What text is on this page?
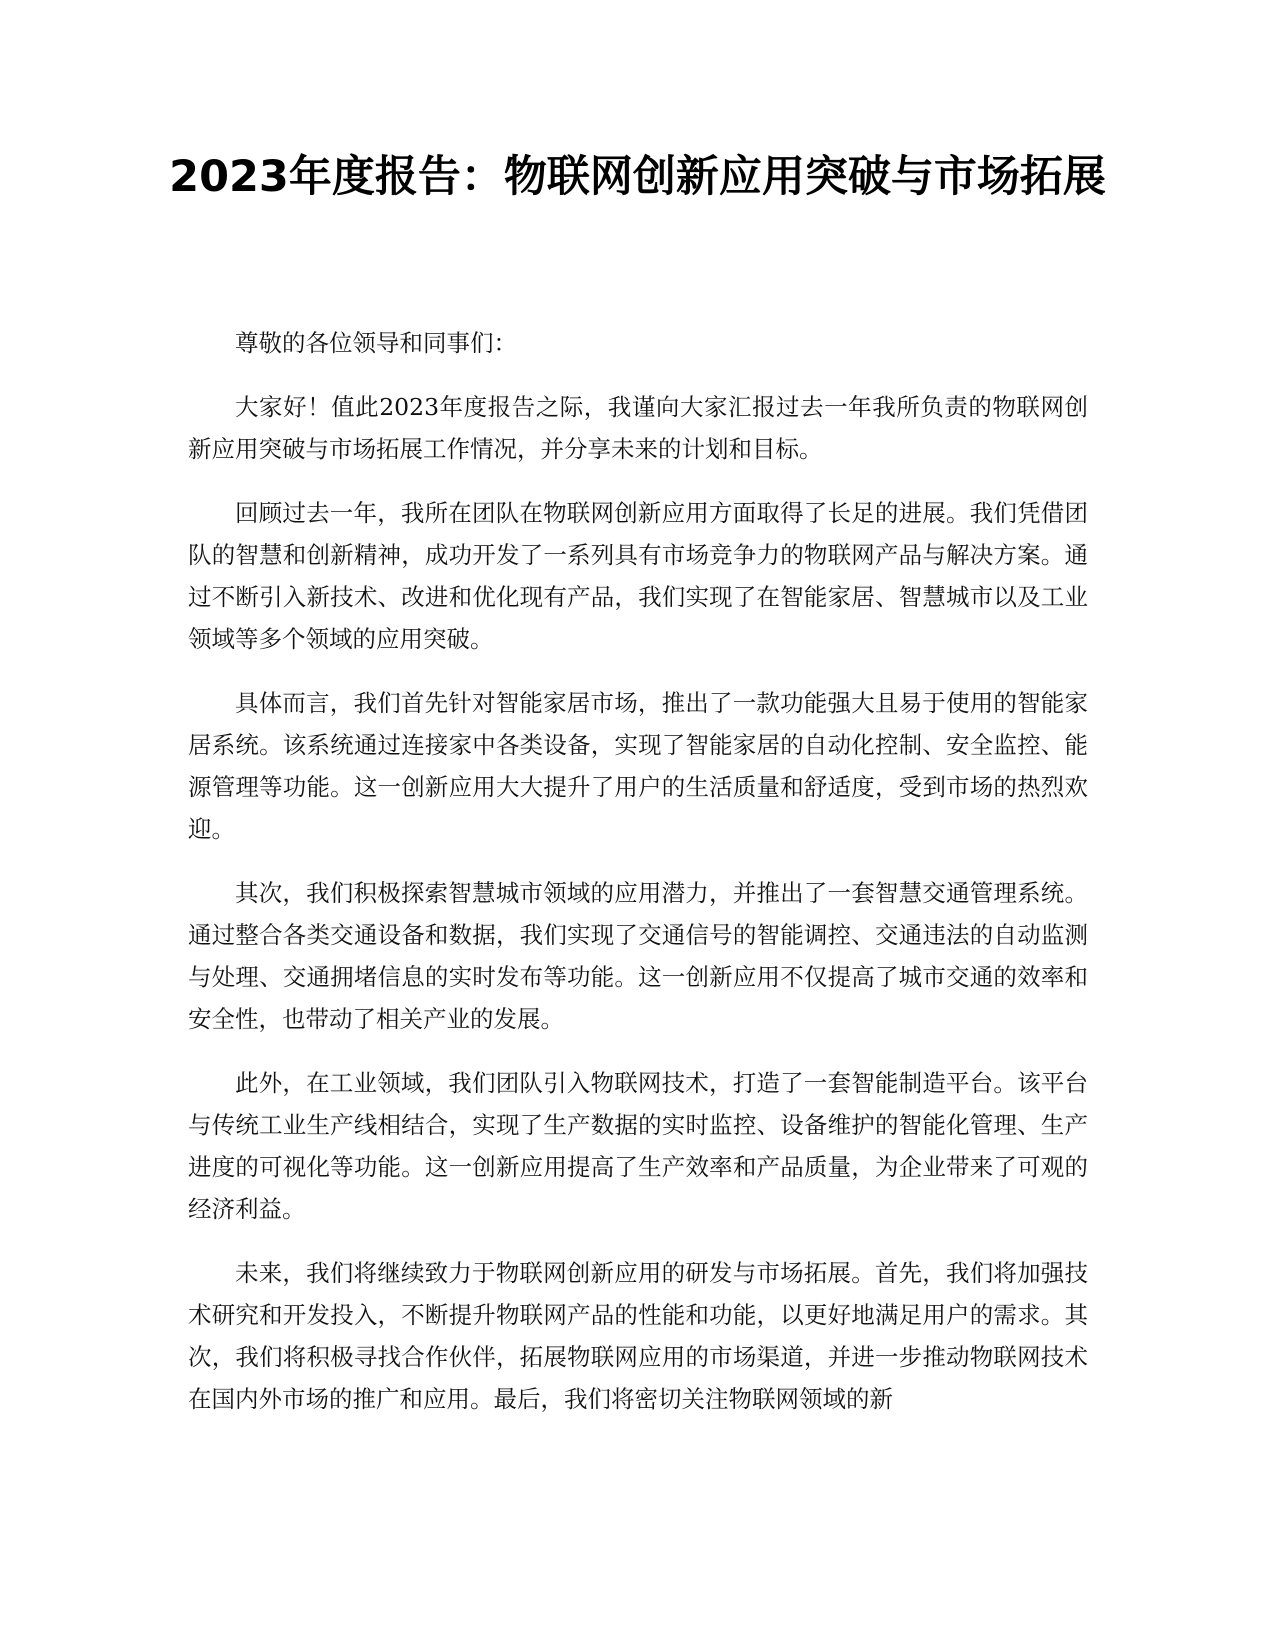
2023年度报告：物联网创新应用突破与市场拓展

尊敬的各位领导和同事们：

大家好！值此2023年度报告之际，我谨向大家汇报过去一年我所负责的物联网创新应用突破与市场拓展工作情况，并分享未来的计划和目标。

回顾过去一年，我所在团队在物联网创新应用方面取得了长足的进展。我们凭借团队的智慧和创新精神，成功开发了一系列具有市场竞争力的物联网产品与解决方案。通过不断引入新技术、改进和优化现有产品，我们实现了在智能家居、智慧城市以及工业领域等多个领域的应用突破。

具体而言，我们首先针对智能家居市场，推出了一款功能强大且易于使用的智能家居系统。该系统通过连接家中各类设备，实现了智能家居的自动化控制、安全监控、能源管理等功能。这一创新应用大大提升了用户的生活质量和舒适度，受到市场的热烈欢迎。

其次，我们积极探索智慧城市领域的应用潜力，并推出了一套智慧交通管理系统。通过整合各类交通设备和数据，我们实现了交通信号的智能调控、交通违法的自动监测与处理、交通拥堵信息的实时发布等功能。这一创新应用不仅提高了城市交通的效率和安全性，也带动了相关产业的发展。

此外，在工业领域，我们团队引入物联网技术，打造了一套智能制造平台。该平台与传统工业生产线相结合，实现了生产数据的实时监控、设备维护的智能化管理、生产进度的可视化等功能。这一创新应用提高了生产效率和产品质量，为企业带来了可观的经济利益。

未来，我们将继续致力于物联网创新应用的研发与市场拓展。首先，我们将加强技术研究和开发投入，不断提升物联网产品的性能和功能，以更好地满足用户的需求。其次，我们将积极寻找合作伙伴，拓展物联网应用的市场渠道，并进一步推动物联网技术在国内外市场的推广和应用。最后，我们将密切关注物联网领域的新
